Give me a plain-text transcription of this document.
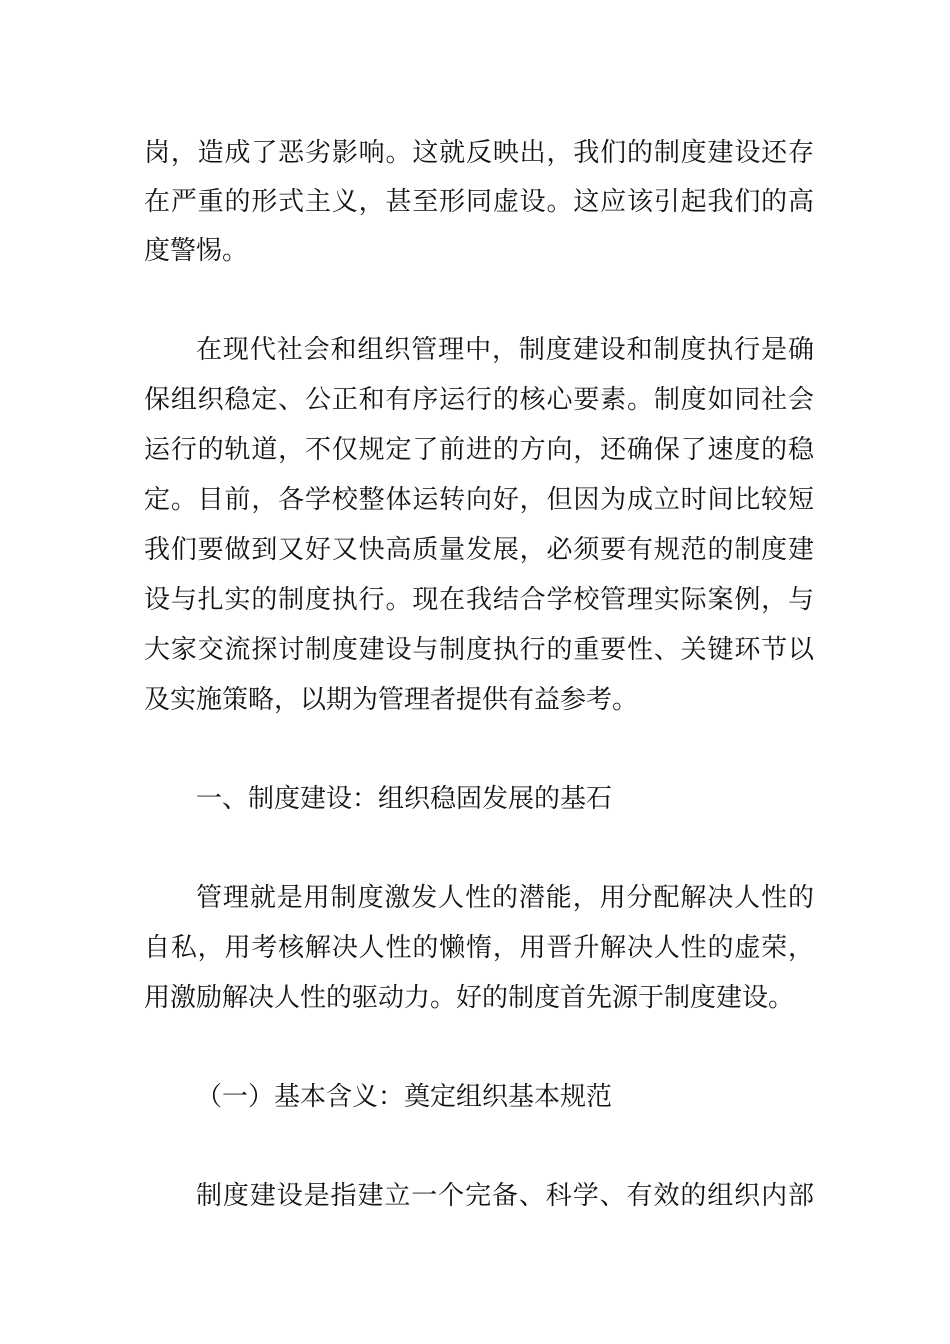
岗，造成了恶劣影响。这就反映出，我们的制度建设还存
在严重的形式主义，甚至形同虚设。这应该引起我们的高
度警惕。
在现代社会和组织管理中，制度建设和制度执行是确
保组织稳定、公正和有序运行的核心要素。制度如同社会
运行的轨道，不仅规定了前进的方向，还确保了速度的稳
定。目前，各学校整体运转向好，但因为成立时间比较短
我们要做到又好又快高质量发展，必须要有规范的制度建
设与扎实的制度执行。现在我结合学校管理实际案例，与
大家交流探讨制度建设与制度执行的重要性、关键环节以
及实施策略，以期为管理者提供有益参考。
一、制度建设：组织稳固发展的基石
管理就是用制度激发人性的潜能，用分配解决人性的
自私，用考核解决人性的懒惰，用晋升解决人性的虚荣，
用激励解决人性的驱动力。好的制度首先源于制度建设。
（一）基本含义：奠定组织基本规范
制度建设是指建立一个完备、科学、有效的组织内部
